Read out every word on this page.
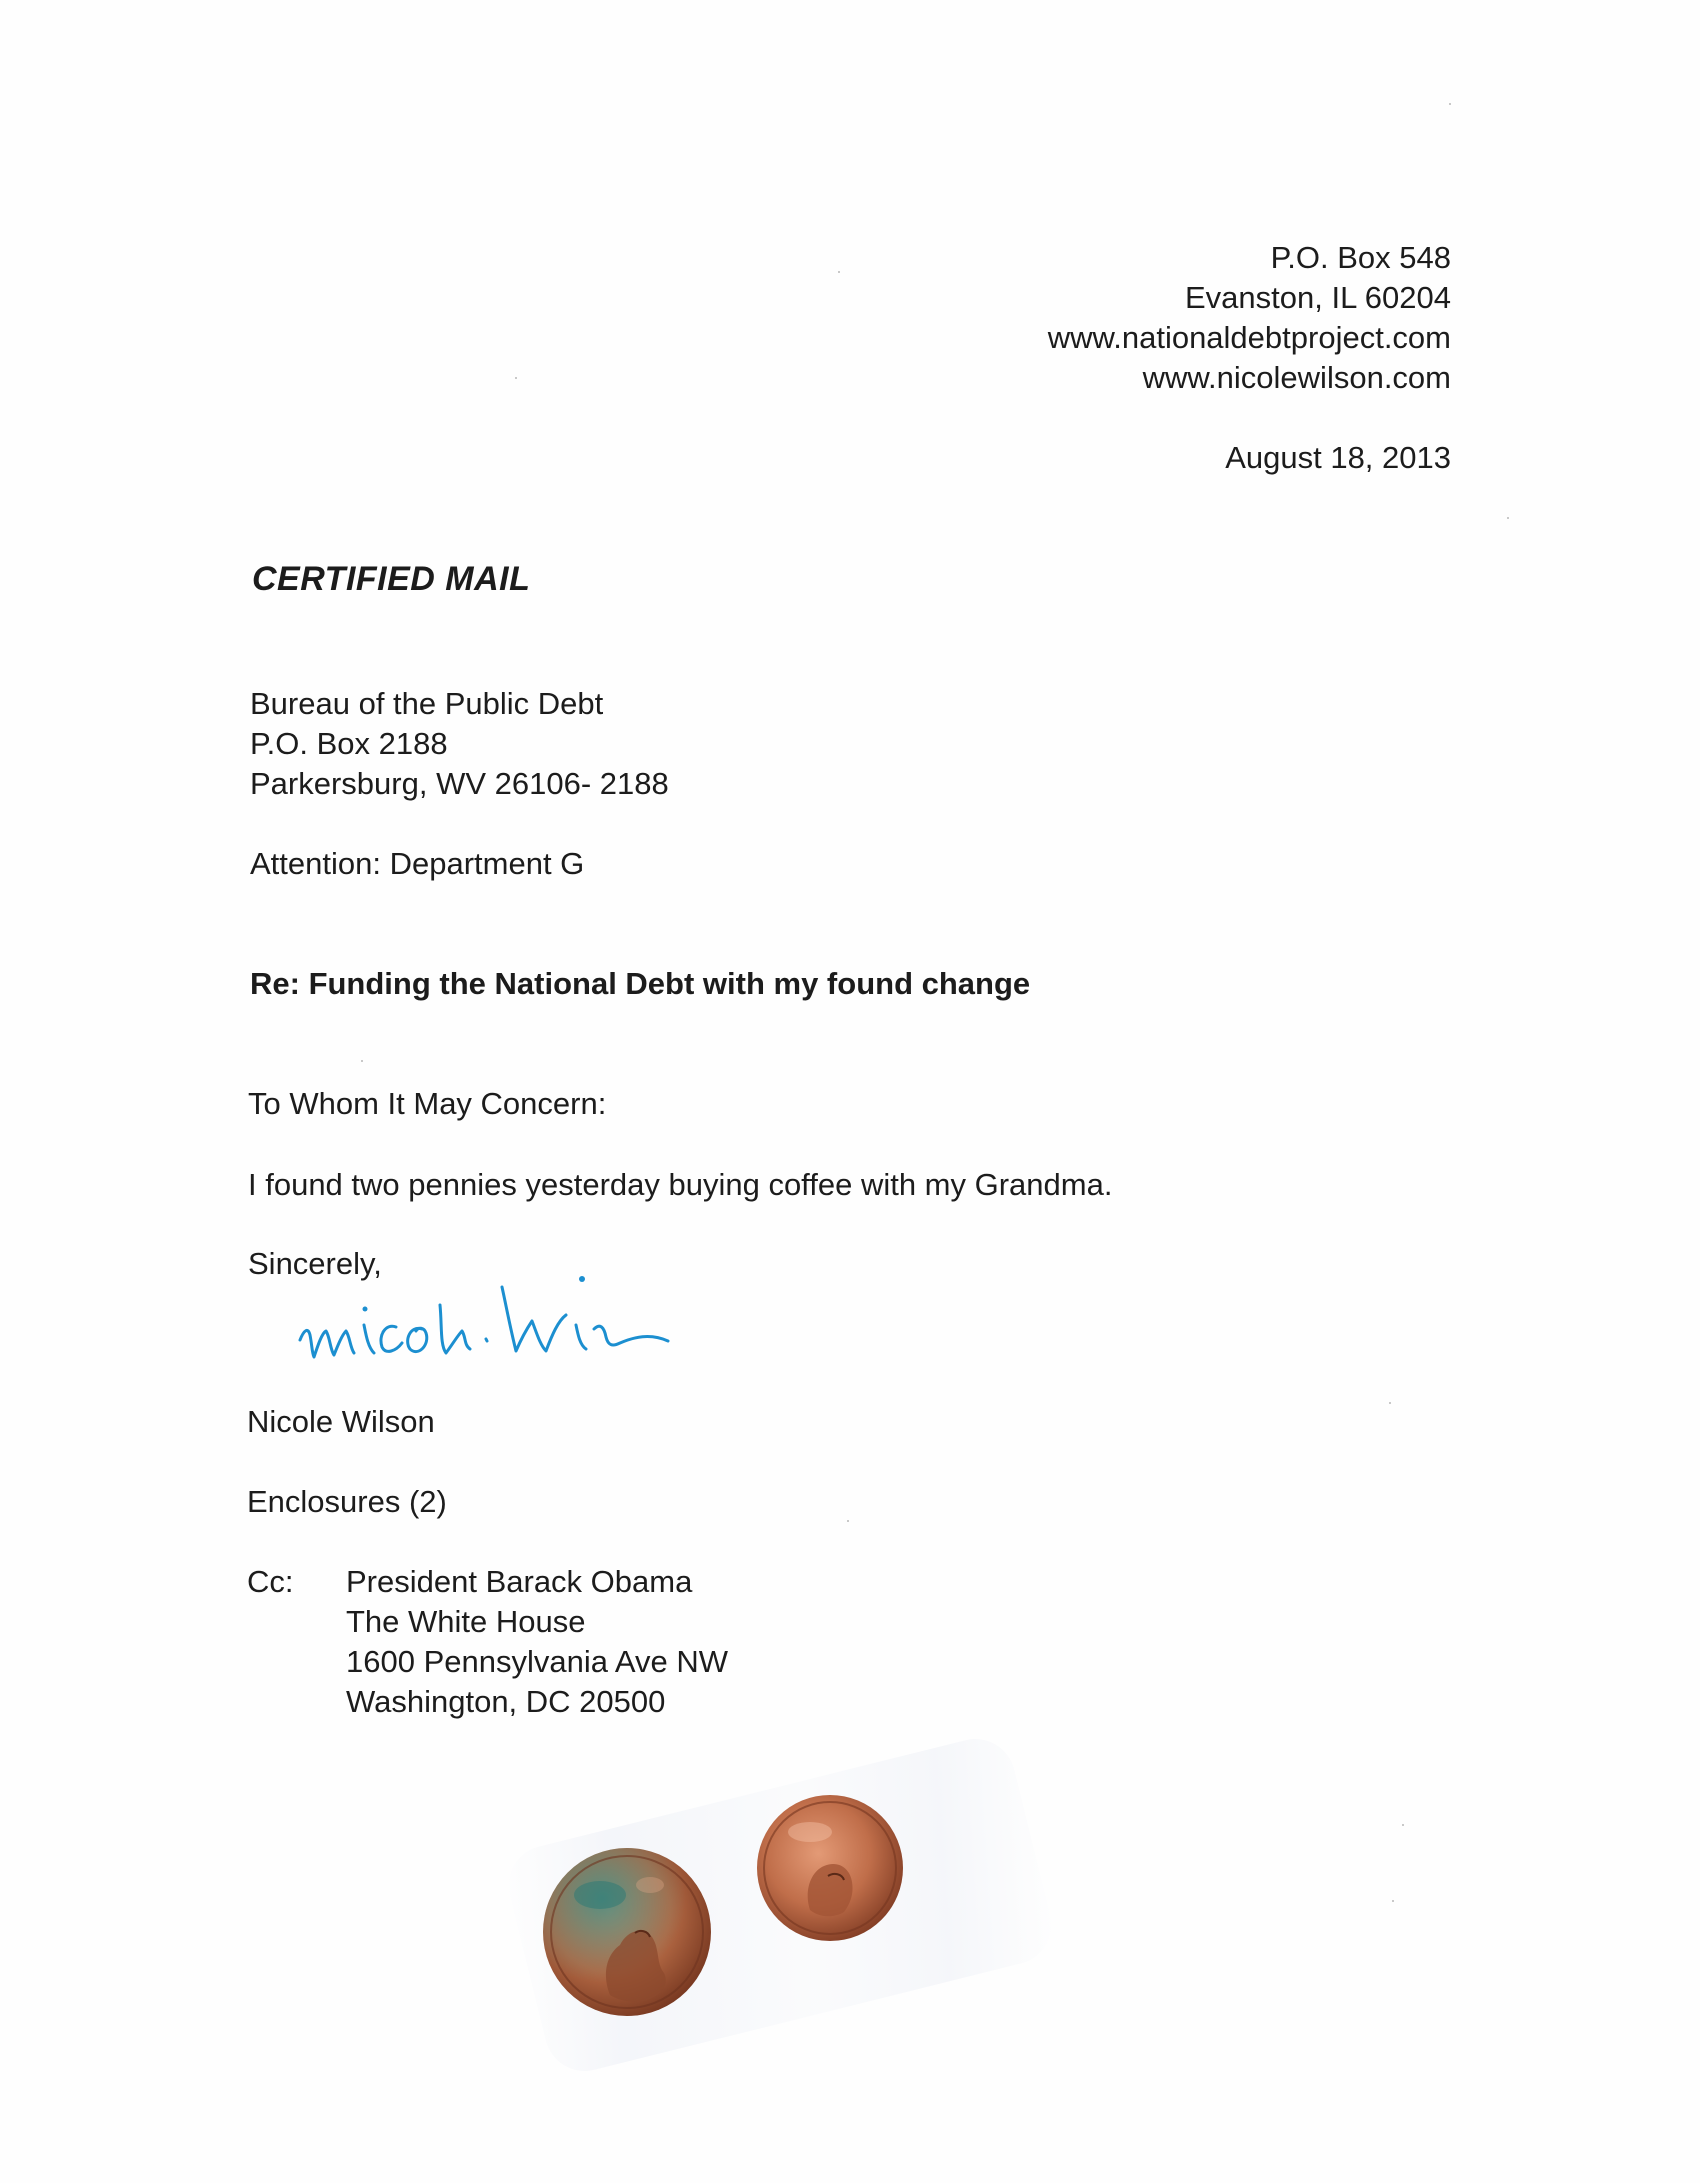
P.O. Box 548
Evanston, IL 60204
www.nationaldebtproject.com
www.nicolewilson.com
August 18, 2013
CERTIFIED MAIL
Bureau of the Public Debt
P.O. Box 2188
Parkersburg, WV 26106- 2188
Attention: Department G
Re: Funding the National Debt with my found change
To Whom It May Concern:
I found two pennies yesterday buying coffee with my Grandma.
Sincerely,
Nicole Wilson
Enclosures (2)
Cc: President Barack Obama
The White House
1600 Pennsylvania Ave NW
Washington, DC 20500
